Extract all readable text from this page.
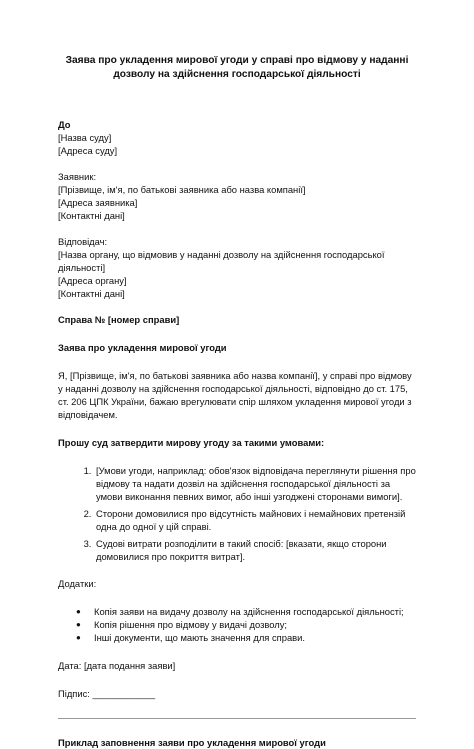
Заява про укладення мирової угоди у справі про відмову у наданні
дозволу на здійснення господарської діяльності
До
[Назва суду]
[Адреса суду]
Заявник:
[Прізвище, ім'я, по батькові заявника або назва компанії]
[Адреса заявника]
[Контактні дані]
Відповідач:
[Назва органу, що відмовив у наданні дозволу на здійснення господарської діяльності]
[Адреса органу]
[Контактні дані]

Справа № [номер справи]

Заява про укладення мирової угоди

Я, [Прізвище, ім'я, по батькові заявника або назва компанії], у справі про відмову у наданні дозволу на здійснення господарської діяльності, відповідно до ст. 175, ст. 206 ЦПК України, бажаю врегулювати спір шляхом укладення мирової угоди з відповідачем.

Прошу суд затвердити мирову угоду за такими умовами:

1. [Умови угоди, наприклад: обов'язок відповідача переглянути рішення про відмову та надати дозвіл на здійснення господарської діяльності за умови виконання певних вимог, або інші узгоджені сторонами вимоги].
2. Сторони домовилися про відсутність майнових і немайнових претензій одна до одної у цій справі.
3. Судові витрати розподілити в такий спосіб: [вказати, якщо сторони домовилися про покриття витрат].

Додатки:

● Копія заяви на видачу дозволу на здійснення господарської діяльності;
● Копія рішення про відмову у видачі дозволу;
● Інші документи, що мають значення для справи.

Дата: [дата подання заяви]

Підпис: ____________

Приклад заповнення заяви про укладення мирової угоди
